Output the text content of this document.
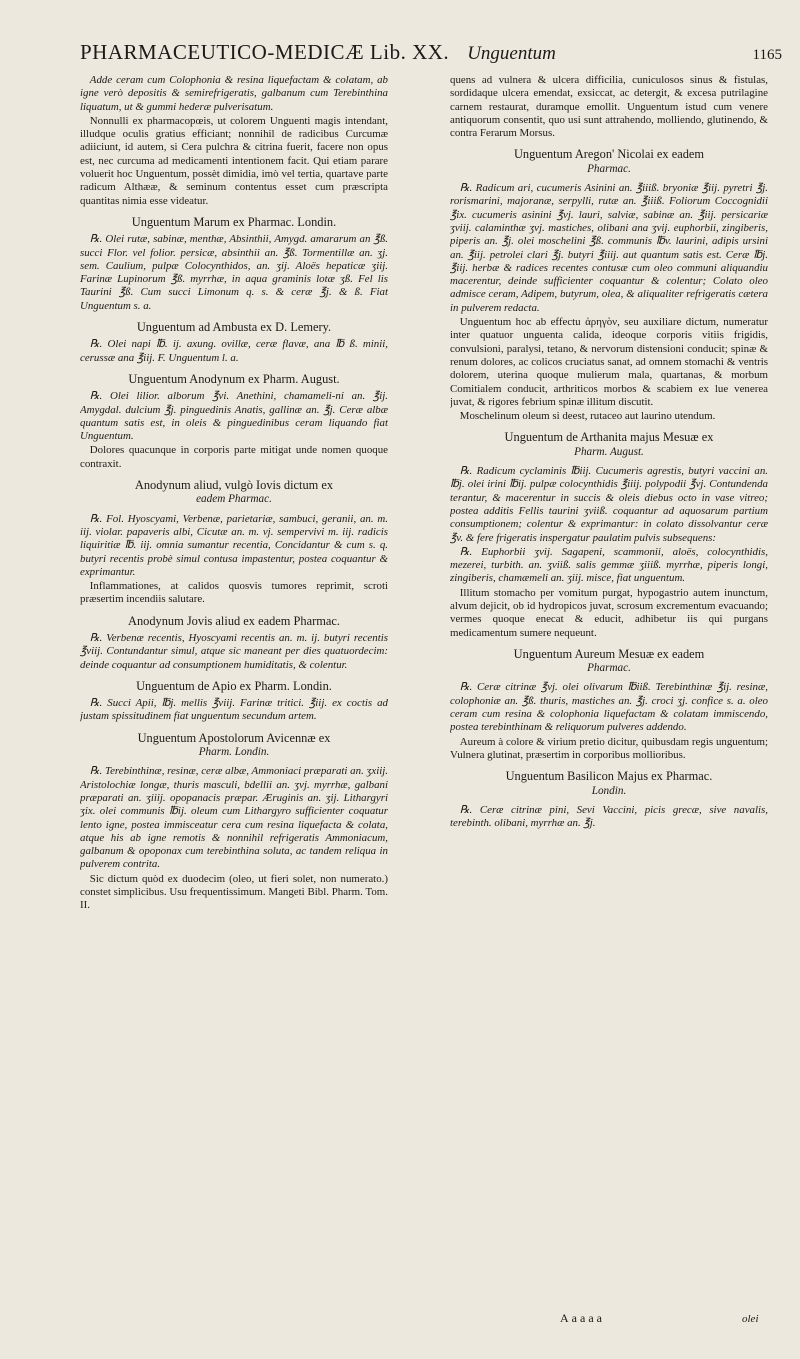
PHARMACEUTICO-MEDICÆ Lib. XX. Unguentum	1165

Adde ceram cum Colophonia & resina liquefactam & colatam, ab igne verò depositis & semirefrigeratis, galbanum cum Terebinthina liquatum, ut & gummi hederæ pulverisatum.

Nonnulli ex pharmacopœis, ut colorem Unguenti magis intendant, illudque oculis gratius efficiant; nonnihil de radicibus Curcumæ adiiciunt, id autem, si Cera pulchra & citrina fuerit, facere non opus est, nec curcuma ad medicamenti intentionem facit. Qui etiam parare voluerit hoc Unguentum, possèt dimidia, imò vel tertia, quartave parte radicum Althææ, & seminum contentus esset cum præscripta quantitas nimia esse videatur.

Unguentum Marum ex Pharmac. Londin.

℞. Olei rutæ, sabinæ, menthæ, Absinthii, Amygd. amararum an ℥ß. succi Flor. vel folior. persicæ, absinthii an. ℥ß. Tormentillæ an. ʒj. sem. Caulium, pulpæ Colocynthidos, an. ʒij. Aloës hepaticæ ʒiij. Farinæ Lupinorum ℥ß. myrrhæ, in aqua graminis lotæ ʒß. Fel lis Taurini ℥ß. Cum succi Limonum q. s. & ceræ ℥j. & ß. Fiat Unguentum s. a.

Unguentum ad Ambusta ex D. Lemery.

℞. Olei napi ℔. ij. axung. ovillæ, ceræ flavæ, ana ℔ ß. minii, cerussæ ana ℥iij. F. Unguentum l. a.

Unguentum Anodynum ex Pharm. August.

℞. Olei lilior. alborum ℥vi. Anethini, chamameli-ni an. ℥ij. Amygdal. dulcium ℥j. pinguedinis Anatis, gallinæ an. ℥j. Ceræ albæ quantum satis est, in oleis & pinguedinibus ceram liquando fiat Unguentum.

Dolores quacunque in corporis parte mitigat unde nomen quoque contraxit.

Anodynum aliud, vulgò Iovis dictum ex

eadem Pharmac.

℞. Fol. Hyoscyami, Verbenæ, parietariæ, sambuci, geranii, an. m. iij. violar. papaveris albi, Cicutæ an. m. vj. sempervivi m. iij. radicis liquiritiæ ℔. iij. omnia sumantur recentia, Concidantur & cum s. q. butyri recentis probè simul contusa impastentur, postea coquantur & exprimantur.

Inflammationes, at calidos quosvis tumores reprimit, scroti præsertim incendiis salutare.

Anodynum Jovis aliud ex eadem Pharmac.

℞. Verbenæ recentis, Hyoscyami recentis an. m. ij. butyri recentis ℥viij. Contundantur simul, atque sic maneant per dies quatuordecim: deinde coquantur ad consumptionem humiditatis, & colentur.

Unguentum de Apio ex Pharm. Londin.

℞. Succi Apii, ℔j. mellis ℥viij. Farinæ tritici. ℥iij. ex coctis ad justam spissitudinem fiat unguentum secundum artem.

Unguentum Apostolorum Avicennæ ex

Pharm. Londin.

℞. Terebinthinæ, resinæ, ceræ albæ, Ammoniaci præparati an. ʒxiij. Aristolochiæ longæ, thuris masculi, bdellii an. ʒvj. myrrhæ, galbani præparati an. ʒiiij. opopanacis præpar. Æruginis an. ʒij. Lithargyri ʒix. olei communis ℔ij. oleum cum Lithargyro sufficienter coquatur lento igne, postea immisceatur cera cum resina liquefacta & colata, atque his ab igne remotis & nonnihil refrigeratis Ammoniacum, galbanum & opoponax cum terebinthina soluta, ac tandem reliqua in pulverem contrita.

Sic dictum quòd ex duodecim (oleo, ut fieri solet, non numerato.) constet simplicibus. Usu frequentissimum. Mangeti Bibl. Pharm. Tom. II.

quens ad vulnera & ulcera difficilia, cuniculosos sinus & fistulas, sordidaque ulcera emendat, exsiccat, ac detergit, & excesa putrilagine carnem restaurat, duramque emollit. Unguentum istud cum venere antiquorum consentit, quo usi sunt attrahendo, molliendo, glutinendo, & contra Ferarum Morsus.

Unguentum Aregon' Nicolai ex eadem

Pharmac.

℞. Radicum ari, cucumeris Asinini an. ℥iiiß. bryoniæ ℥iij. pyretri ℥j. rorismarini, majoranæ, serpylli, rutæ an. ℥iiiß. Foliorum Coccognidii ℥ix. cucumeris asinini ℥vj. lauri, salviæ, sabinæ an. ℥iij. persicariæ ʒviij. calaminthæ ʒvj. mastiches, olibani ana ʒvij. euphorbii, zingiberis, piperis an. ℥j. olei moschelini ℥ß. communis ℔v. laurini, adipis ursini an. ℥iij. petrolei clari ℥j. butyri ℥iiij. aut quantum satis est. Ceræ ℔j. ℥iij. herbæ & radices recentes contusæ cum oleo communi aliquandiu macerentur, deinde sufficienter coquantur & colentur; Colato oleo admisce ceram, Adipem, butyrum, olea, & aliqualiter refrigeratis cætera in pulverem redacta.

Unguentum hoc ab effectu ἀρηγὸν, seu auxiliare dictum, numeratur inter quatuor unguenta calida, ideoque corporis vitiis frigidis, convulsioni, paralysi, tetano, & nervorum distensioni conducit; spinæ & renum dolores, ac colicos cruciatus sanat, ad omnem stomachi & ventris dolorem, uterina quoque mulierum mala, quartanas, & morbum Comitialem conducit, arthriticos morbos & scabiem ex lue venerea juvat, & rigores febrium spinæ illitum discutit.

Moschelinum oleum si deest, rutaceo aut laurino utendum.

Unguentum de Arthanita majus Mesuæ ex

Pharm. August.

℞. Radicum cyclaminis ℔iij. Cucumeris agrestis, butyri vaccini an. ℔j. olei irini ℔ij. pulpæ colocynthidis ℥iiij. polypodii ℥vj. Contundenda terantur, & macerentur in succis & oleis diebus octo in vase vitreo; postea additis Fellis taurini ʒviiß. coquantur ad aquosarum partium consumptionem; colentur & exprimantur: in colato dissolvantur ceræ ℥v. & fere frigeratis inspergatur paulatim pulvis subsequens:

℞. Euphorbii ʒvij. Sagapeni, scammonii, aloës, colocynthidis, mezerei, turbith. an. ʒviiß. salis gemmæ ʒiiiß. myrrhæ, piperis longi, zingiberis, chamæmeli an. ʒiij. misce, fiat unguentum.

Illitum stomacho per vomitum purgat, hypogastrio autem inunctum, alvum dejicit, ob id hydropicos juvat, scrosum excrementum evacuando; vermes quoque enecat & educit, adhibetur iis qui purgans medicamentum sumere nequeunt.

Unguentum Aureum Mesuæ ex eadem

Pharmac.

℞. Ceræ citrinæ ℥vj. olei olivarum ℔iiß. Terebinthinæ ℥ij. resinæ, colophoniæ an. ℥ß. thuris, mastiches an. ℥j. croci ʒj. confice s. a. oleo ceram cum resina & colophonia liquefactam & colatam immiscendo, postea terebinthinam & reliquorum pulveres addendo.

Aureum à colore & virium pretio dicitur, quibusdam regis unguentum; Vulnera glutinat, præsertim in corporibus mollioribus.

Unguentum Basilicon Majus ex Pharmac.

Londin.

℞. Ceræ citrinæ pini, Sevi Vaccini, picis grecæ, sive navalis, terebinth. olibani, myrrhæ an. ℥j.

Aaaaa	olei
